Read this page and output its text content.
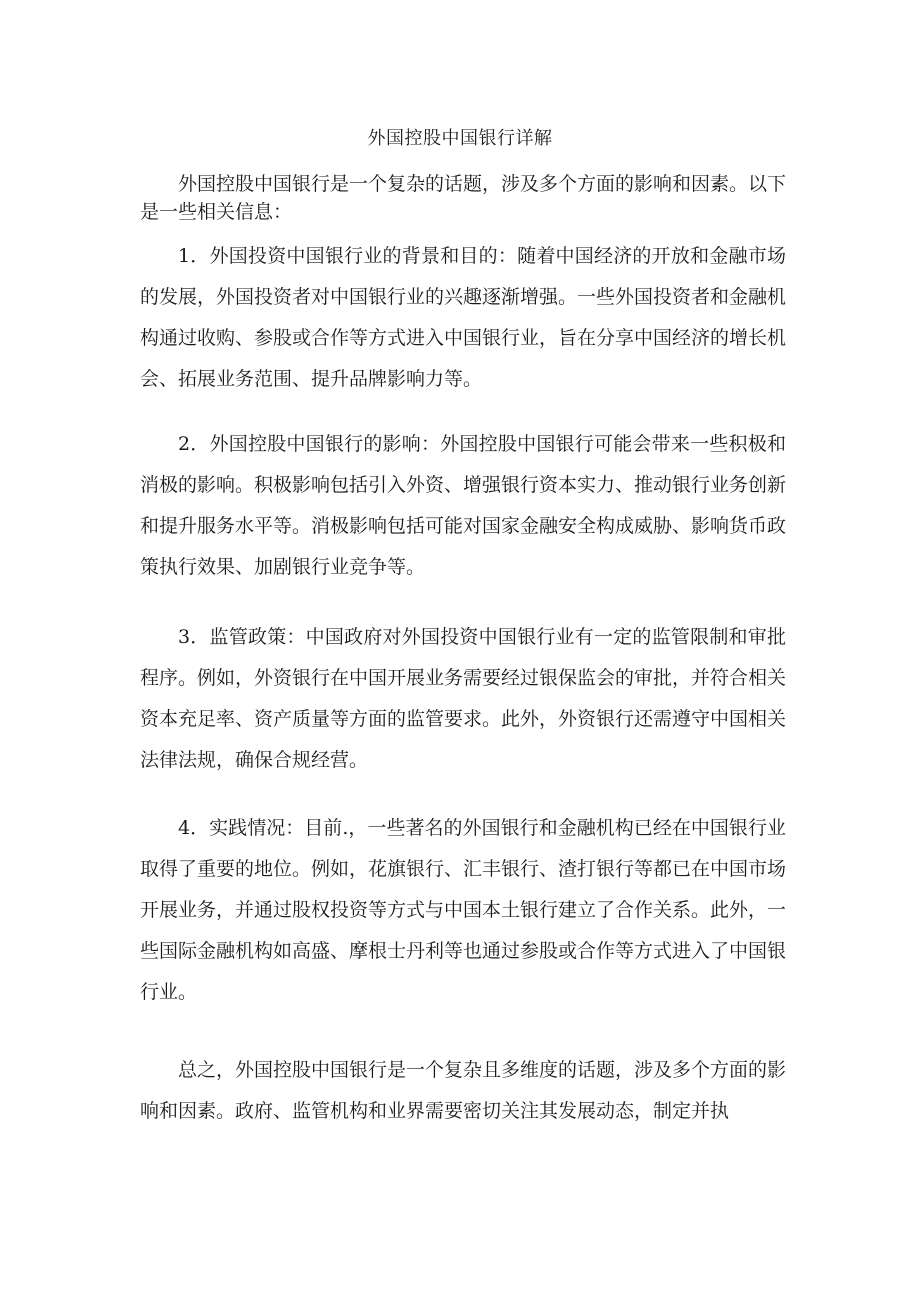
外国控股中国银行详解

外国控股中国银行是一个复杂的话题，涉及多个方面的影响和因素。以下是一些相关信息：

1．外国投资中国银行业的背景和目的：随着中国经济的开放和金融市场的发展，外国投资者对中国银行业的兴趣逐渐增强。一些外国投资者和金融机构通过收购、参股或合作等方式进入中国银行业，旨在分享中国经济的增长机会、拓展业务范围、提升品牌影响力等。

2．外国控股中国银行的影响：外国控股中国银行可能会带来一些积极和消极的影响。积极影响包括引入外资、增强银行资本实力、推动银行业务创新和提升服务水平等。消极影响包括可能对国家金融安全构成威胁、影响货币政策执行效果、加剧银行业竞争等。

3．监管政策：中国政府对外国投资中国银行业有一定的监管限制和审批程序。例如，外资银行在中国开展业务需要经过银保监会的审批，并符合相关资本充足率、资产质量等方面的监管要求。此外，外资银行还需遵守中国相关法律法规，确保合规经营。

4．实践情况：目前.，一些著名的外国银行和金融机构已经在中国银行业取得了重要的地位。例如，花旗银行、汇丰银行、渣打银行等都已在中国市场开展业务，并通过股权投资等方式与中国本土银行建立了合作关系。此外，一些国际金融机构如高盛、摩根士丹利等也通过参股或合作等方式进入了中国银行业。

总之，外国控股中国银行是一个复杂且多维度的话题，涉及多个方面的影响和因素。政府、监管机构和业界需要密切关注其发展动态，制定并执
